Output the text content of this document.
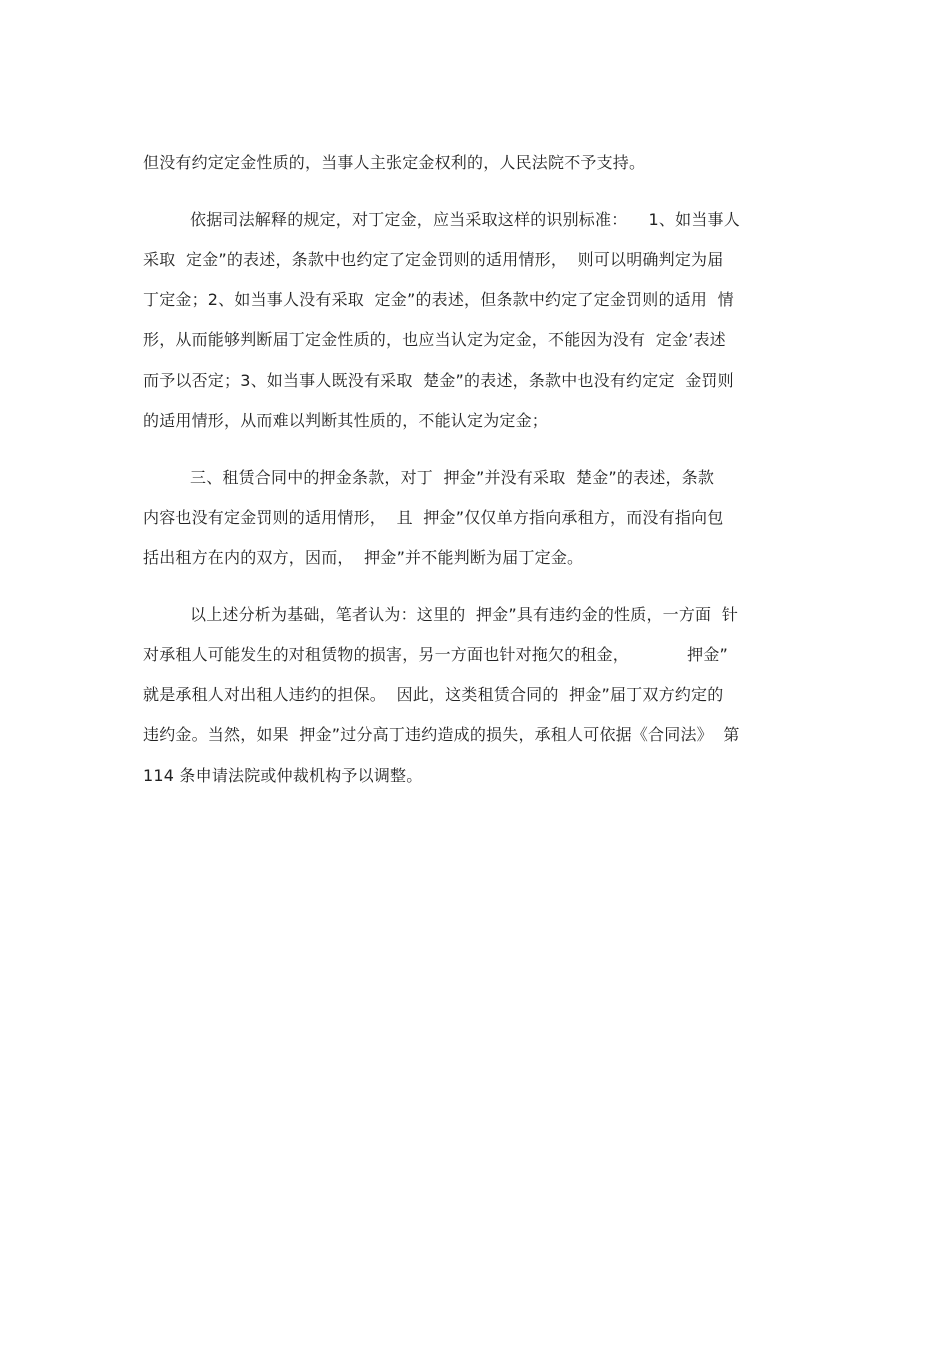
但没有约定定金性质的，当事人主张定金权利的，人民法院不予支持。
依据司法解释的规定，对丁定金，应当采取这样的识别标准：    1、如当事人
采取  定金”的表述，条款中也约定了定金罚则的适用情形，  则可以明确判定为届
丁定金；2、如当事人没有采取  定金”的表述，但条款中约定了定金罚则的适用  情
形，从而能够判断届丁定金性质的，也应当认定为定金，不能因为没有  定金’表述
而予以否定；3、如当事人既没有采取  楚金”的表述，条款中也没有约定定  金罚则
的适用情形，从而难以判断其性质的，不能认定为定金；
三、租赁合同中的押金条款，对丁  押金”并没有采取  楚金”的表述，条款
内容也没有定金罚则的适用情形，  且  押金”仅仅单方指向承租方，而没有指向包
括出租方在内的双方，因而，  押金”并不能判断为届丁定金。
以上述分析为基础，笔者认为：这里的  押金”具有违约金的性质，一方面  针
对承租人可能发生的对租赁物的损害，另一方面也针对拖欠的租金，           押金”
就是承租人对出租人违约的担保。  因此，这类租赁合同的  押金”届丁双方约定的
违约金。当然，如果  押金”过分高丁违约造成的损失，承租人可依据《合同法》  第
114 条申请法院或仲裁机构予以调整。
